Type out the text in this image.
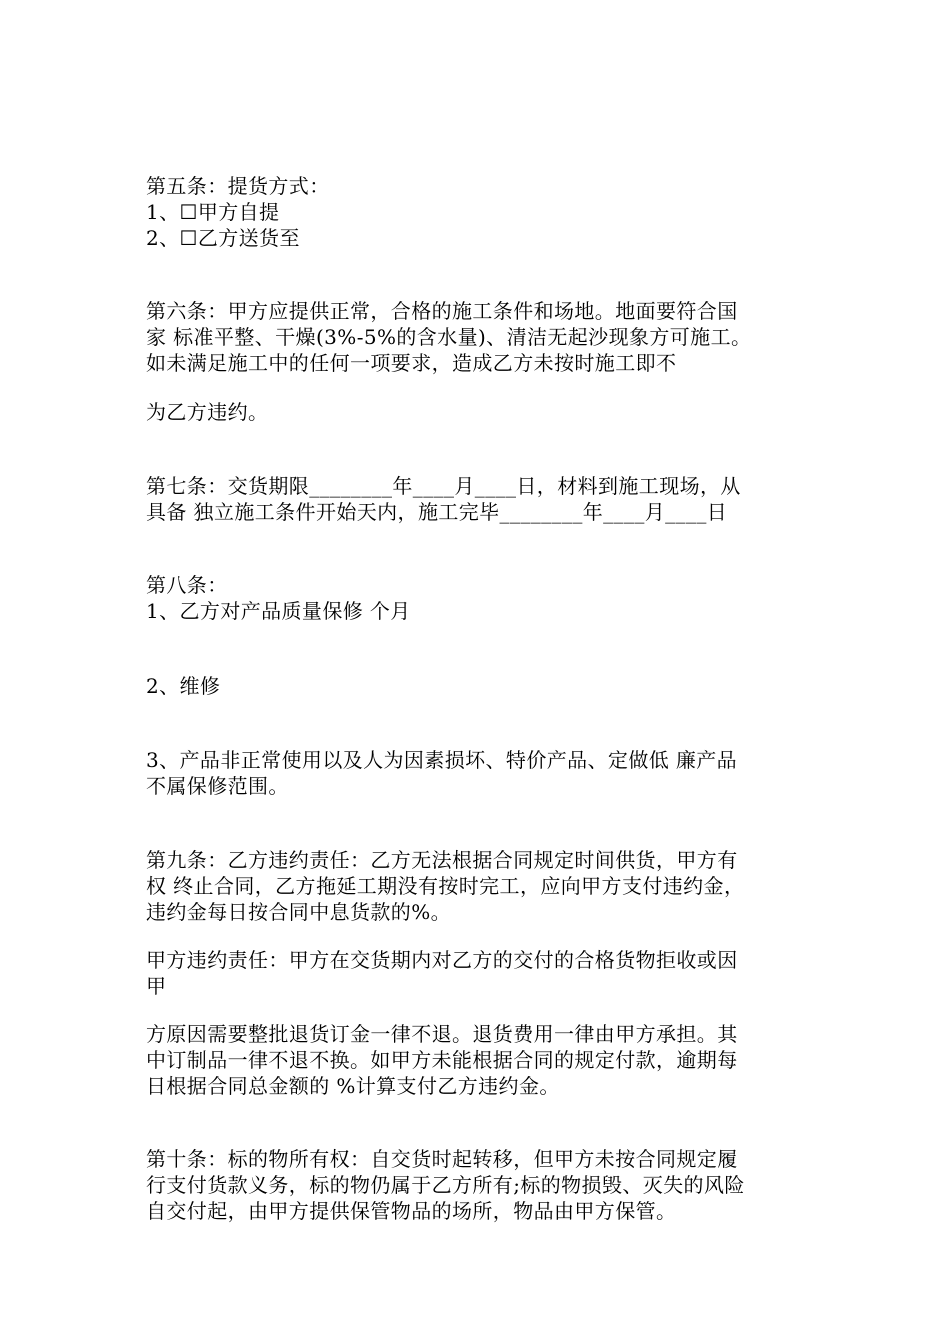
第五条：提货方式：
1、☐甲方自提
2、☐乙方送货至
第六条：甲方应提供正常，合格的施工条件和场地。地面要符合国
家 标准平整、干燥(3%-5%的含水量)、清洁无起沙现象方可施工。
如未满足施工中的任何一项要求，造成乙方未按时施工即不
为乙方违约。
第七条：交货期限________年____月____日，材料到施工现场，从
具备 独立施工条件开始天内，施工完毕________年____月____日
第八条：
1、乙方对产品质量保修 个月
2、维修
3、产品非正常使用以及人为因素损坏、特价产品、定做低 廉产品
不属保修范围。
第九条：乙方违约责任：乙方无法根据合同规定时间供货，甲方有
权 终止合同，乙方拖延工期没有按时完工，应向甲方支付违约金，
违约金每日按合同中息货款的%。
甲方违约责任：甲方在交货期内对乙方的交付的合格货物拒收或因
甲
方原因需要整批退货订金一律不退。退货费用一律由甲方承担。其
中订制品一律不退不换。如甲方未能根据合同的规定付款，逾期每
日根据合同总金额的 %计算支付乙方违约金。
第十条：标的物所有权：自交货时起转移，但甲方未按合同规定履
行支付货款义务，标的物仍属于乙方所有;标的物损毁、灭失的风险
自交付起，由甲方提供保管物品的场所，物品由甲方保管。
